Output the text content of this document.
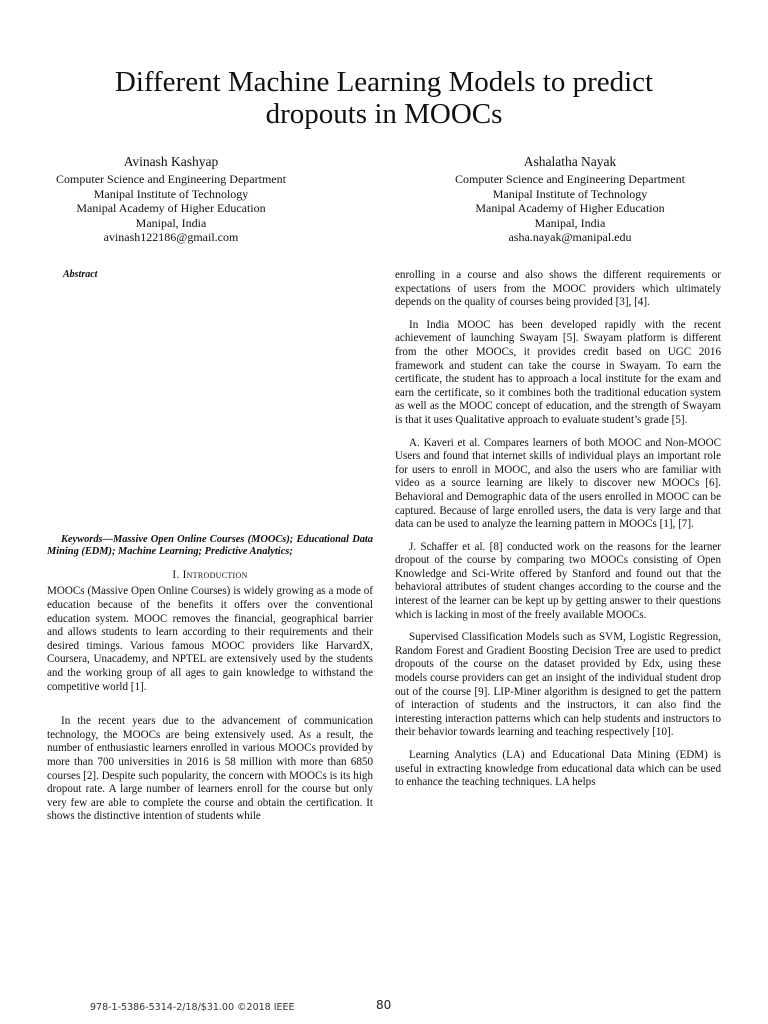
Different Machine Learning Models to predict
dropouts in MOOCs
Avinash Kashyap
Computer Science and Engineering Department
Manipal Institute of Technology
Manipal Academy of Higher Education
Manipal, India
avinash122186@gmail.com
Ashalatha Nayak
Computer Science and Engineering Department
Manipal Institute of Technology
Manipal Academy of Higher Education
Manipal, India
asha.nayak@manipal.edu

Abstract

Keywords—Massive Open Online Courses (MOOCs); Educational Data Mining (EDM); Machine Learning; Predictive Analytics;

I. Introduction

MOOCs (Massive Open Online Courses) is widely growing as a mode of education because of the benefits it offers over the conventional education system. MOOC removes the financial, geographical barrier and allows students to learn according to their requirements and their desired timings. Various famous MOOC providers like HarvardX, Coursera, Unacademy, and NPTEL are extensively used by the students and the working group of all ages to gain knowledge to withstand the competitive world [1].

In the recent years due to the advancement of communication technology, the MOOCs are being extensively used. As a result, the number of enthusiastic learners enrolled in various MOOCs provided by more than 700 universities in 2016 is 58 million with more than 6850 courses [2]. Despite such popularity, the concern with MOOCs is its high dropout rate. A large number of learners enroll for the course but only very few are able to complete the course and obtain the certification. It shows the distinctive intention of students while

enrolling in a course and also shows the different requirements or expectations of users from the MOOC providers which ultimately depends on the quality of courses being provided [3], [4].

In India MOOC has been developed rapidly with the recent achievement of launching Swayam [5]. Swayam platform is different from the other MOOCs, it provides credit based on UGC 2016 framework and student can take the course in Swayam. To earn the certificate, the student has to approach a local institute for the exam and earn the certificate, so it combines both the traditional education system as well as the MOOC concept of education, and the strength of Swayam is that it uses Qualitative approach to evaluate student’s grade [5].

A. Kaveri et al. Compares learners of both MOOC and Non-MOOC Users and found that internet skills of individual plays an important role for users to enroll in MOOC, and also the users who are familiar with video as a source learning are likely to discover new MOOCs [6]. Behavioral and Demographic data of the users enrolled in MOOC can be captured. Because of large enrolled users, the data is very large and that data can be used to analyze the learning pattern in MOOCs [1], [7].

J. Schaffer et al. [8] conducted work on the reasons for the learner dropout of the course by comparing two MOOCs consisting of Open Knowledge and Sci-Write offered by Stanford and found out that the behavioral attributes of student changes according to the course and the interest of the learner can be kept up by getting answer to their questions which is lacking in most of the freely available MOOCs.

Supervised Classification Models such as SVM, Logistic Regression, Random Forest and Gradient Boosting Decision Tree are used to predict dropouts of the course on the dataset provided by Edx, using these models course providers can get an insight of the individual student drop out of the course [9]. LIP-Miner algorithm is designed to get the pattern of interaction of students and the instructors, it can also find the interesting interaction patterns which can help students and instructors to their behavior towards learning and teaching respectively [10].

Learning Analytics (LA) and Educational Data Mining (EDM) is useful in extracting knowledge from educational data which can be used to enhance the teaching techniques. LA helps

978-1-5386-5314-2/18/$31.00 ©2018 IEEE	80
